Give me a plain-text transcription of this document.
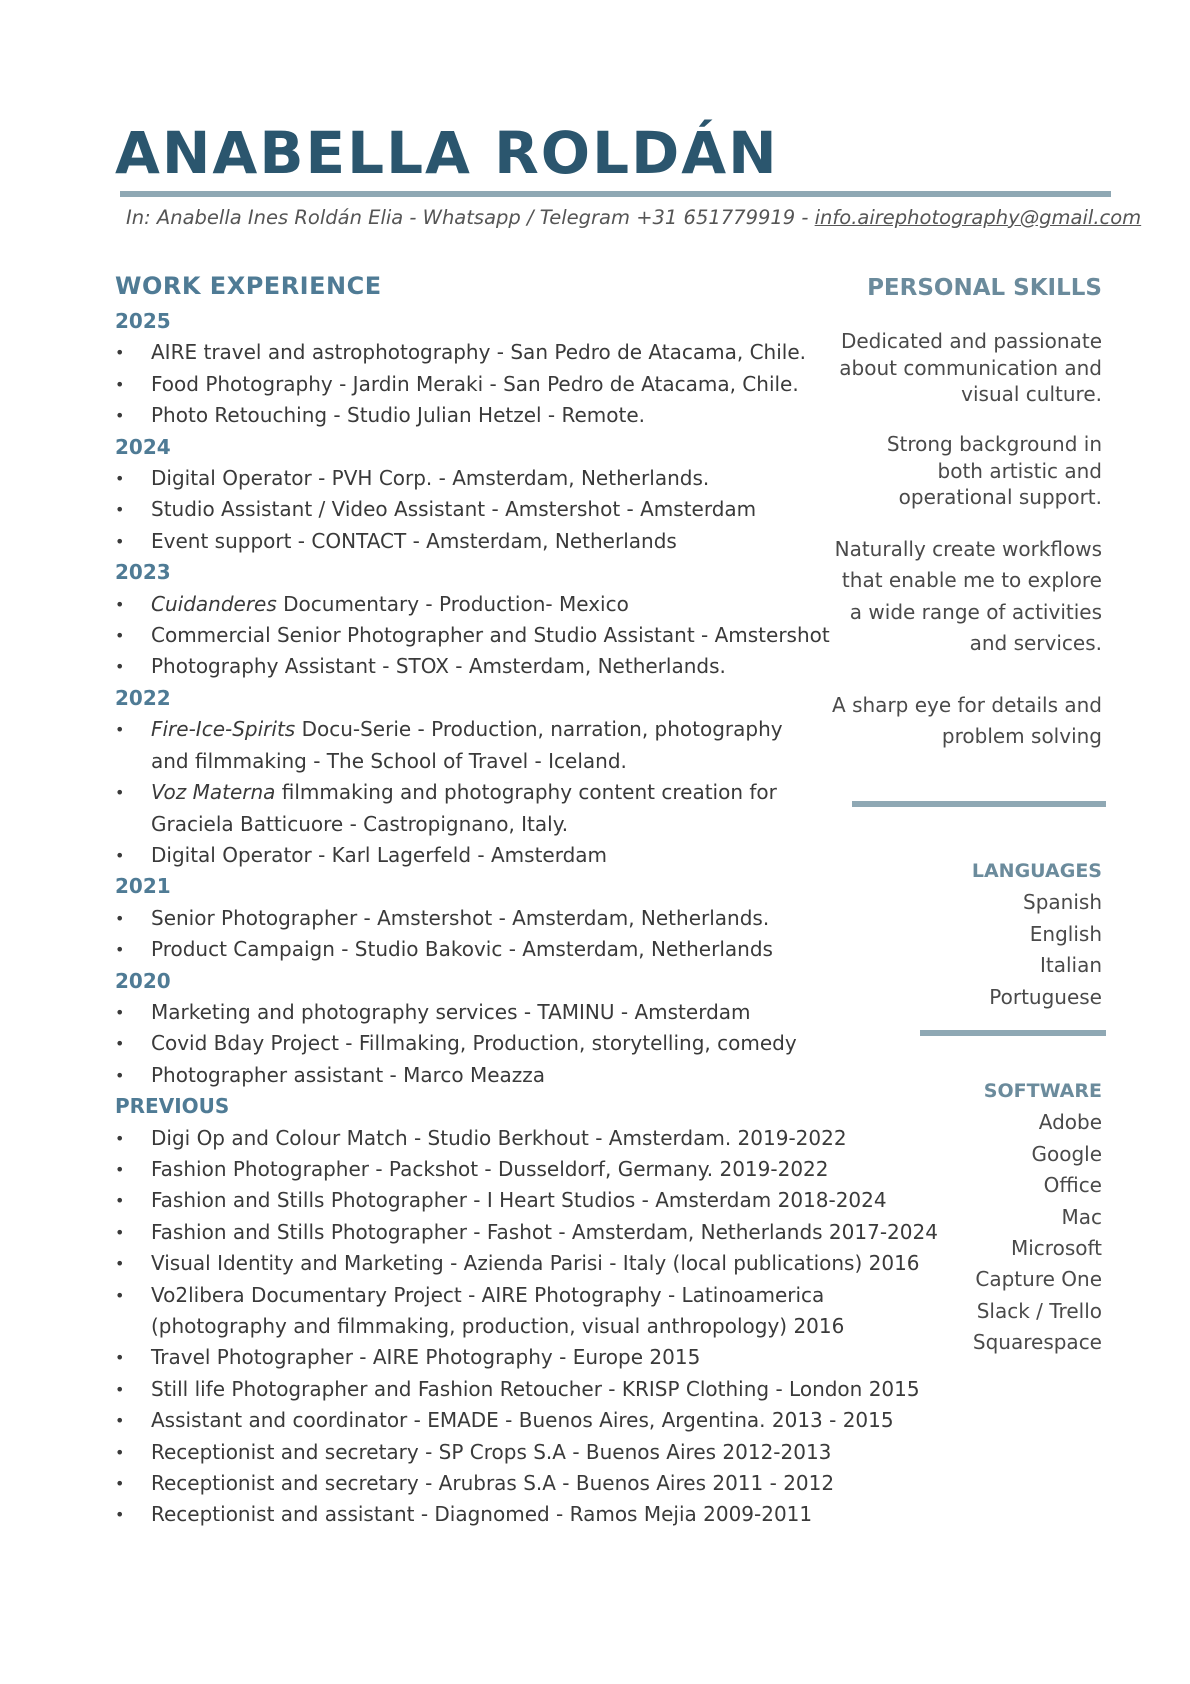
ANABELLA ROLDÁN
In: Anabella Ines Roldán Elia - Whatsapp / Telegram +31 651779919 - info.airephotography@gmail.com
WORK EXPERIENCE
2025
• AIRE travel and astrophotography - San Pedro de Atacama, Chile.
• Food Photography - Jardin Meraki - San Pedro de Atacama, Chile.
• Photo Retouching - Studio Julian Hetzel - Remote.
2024
• Digital Operator - PVH Corp. - Amsterdam, Netherlands.
• Studio Assistant / Video Assistant - Amstershot - Amsterdam
• Event support - CONTACT - Amsterdam, Netherlands
2023
• Cuidanderes Documentary - Production- Mexico
• Commercial Senior Photographer and Studio Assistant - Amstershot
• Photography Assistant - STOX - Amsterdam, Netherlands.
2022
• Fire-Ice-Spirits Docu-Serie - Production, narration, photography
and filmmaking - The School of Travel - Iceland.
• Voz Materna filmmaking and photography content creation for
Graciela Batticuore - Castropignano, Italy.
• Digital Operator - Karl Lagerfeld - Amsterdam
2021
• Senior Photographer - Amstershot - Amsterdam, Netherlands.
• Product Campaign - Studio Bakovic - Amsterdam, Netherlands
2020
• Marketing and photography services - TAMINU - Amsterdam
• Covid Bday Project - Fillmaking, Production, storytelling, comedy
• Photographer assistant - Marco Meazza
PREVIOUS
• Digi Op and Colour Match - Studio Berkhout - Amsterdam. 2019-2022
• Fashion Photographer - Packshot - Dusseldorf, Germany. 2019-2022
• Fashion and Stills Photographer - I Heart Studios - Amsterdam 2018-2024
• Fashion and Stills Photographer - Fashot - Amsterdam, Netherlands 2017-2024
• Visual Identity and Marketing - Azienda Parisi - Italy (local publications) 2016
• Vo2libera Documentary Project - AIRE Photography - Latinoamerica
(photography and filmmaking, production, visual anthropology) 2016
• Travel Photographer - AIRE Photography - Europe 2015
• Still life Photographer and Fashion Retoucher - KRISP Clothing - London 2015
• Assistant and coordinator - EMADE - Buenos Aires, Argentina. 2013 - 2015
• Receptionist and secretary - SP Crops S.A - Buenos Aires 2012-2013
• Receptionist and secretary - Arubras S.A - Buenos Aires 2011 - 2012
• Receptionist and assistant - Diagnomed - Ramos Mejia 2009-2011
PERSONAL SKILLS

Dedicated and passionate
about communication and
visual culture.

Strong background in
both artistic and
operational support.

Naturally create workflows
that enable me to explore
a wide range of activities
and services.

A sharp eye for details and
problem solving

LANGUAGES
Spanish
English
Italian
Portuguese
SOFTWARE
Adobe
Google
Office
Mac
Microsoft
Capture One
Slack / Trello
Squarespace
